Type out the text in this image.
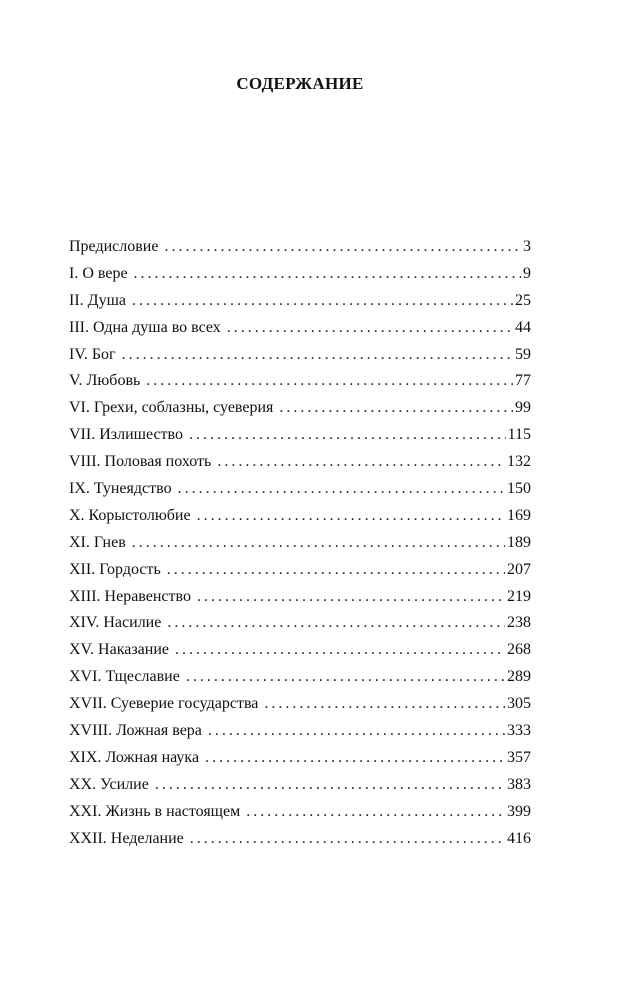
СОДЕРЖАНИЕ
Предисловие . . .	3
I. О вере . . .	9
II. Душа . . .	25
III. Одна душа во всех . . .	44
IV. Бог . . .	59
V. Любовь . . .	77
VI. Грехи, соблазны, суеверия . . .	99
VII. Излишество . . .	115
VIII. Половая похоть . . .	132
IX. Тунеядство . . .	150
X. Корыстолюбие . . .	169
XI. Гнев . . .	189
XII. Гордость . . .	207
XIII. Неравенство . . .	219
XIV. Насилие . . .	238
XV. Наказание . . .	268
XVI. Тщеславие . . .	289
XVII. Суеверие государства . . .	305
XVIII. Ложная вера . . .	333
XIX. Ложная наука . . .	357
XX. Усилие . . .	383
XXI. Жизнь в настоящем . . .	399
XXII. Неделание . . .	416
